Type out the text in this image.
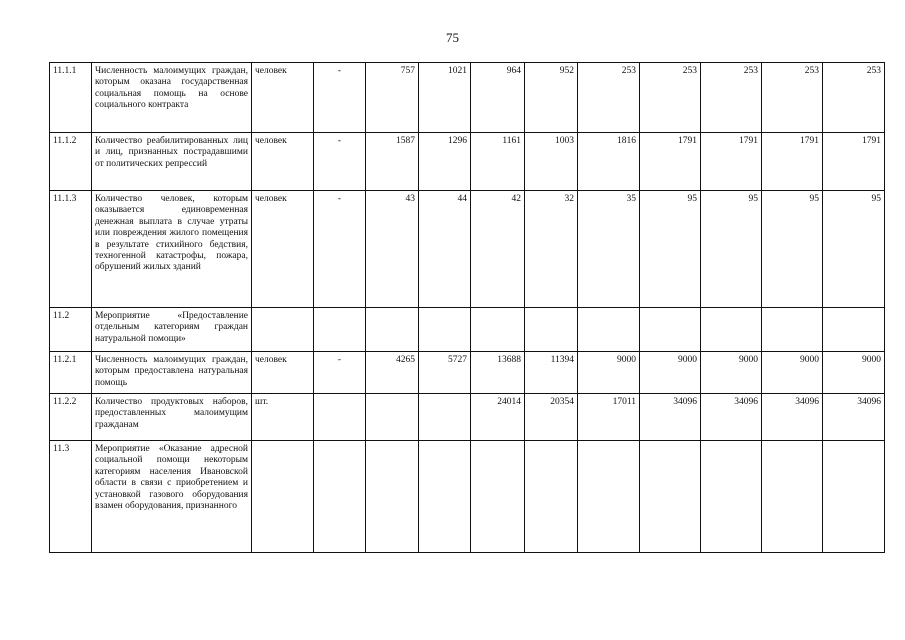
75
11.1.1	Численность малоимущих граждан, которым оказана государственная социальная помощь на основе социального контракта	человек	-	757	1021	964	952	253	253	253	253	253
11.1.2	Количество реабилитированных лиц и лиц, признанных пострадавшими от политических репрессий	человек	-	1587	1296	1161	1003	1816	1791	1791	1791	1791
11.1.3	Количество человек, которым оказывается единовременная денежная выплата в случае утраты или повреждения жилого помещения в результате стихийного бедствия, техногенной катастрофы, пожара, обрушений жилых зданий	человек	-	43	44	42	32	35	95	95	95	95
11.2	Мероприятие «Предоставление отдельным категориям граждан натуральной помощи»											
11.2.1	Численность малоимущих граждан, которым предоставлена натуральная помощь	человек	-	4265	5727	13688	11394	9000	9000	9000	9000	9000
11.2.2	Количество продуктовых наборов, предоставленных малоимущим гражданам	шт.				24014	20354	17011	34096	34096	34096	34096
11.3	Мероприятие «Оказание адресной социальной помощи некоторым категориям населения Ивановской области в связи с приобретением и установкой газового оборудования взамен оборудования, признанного											
